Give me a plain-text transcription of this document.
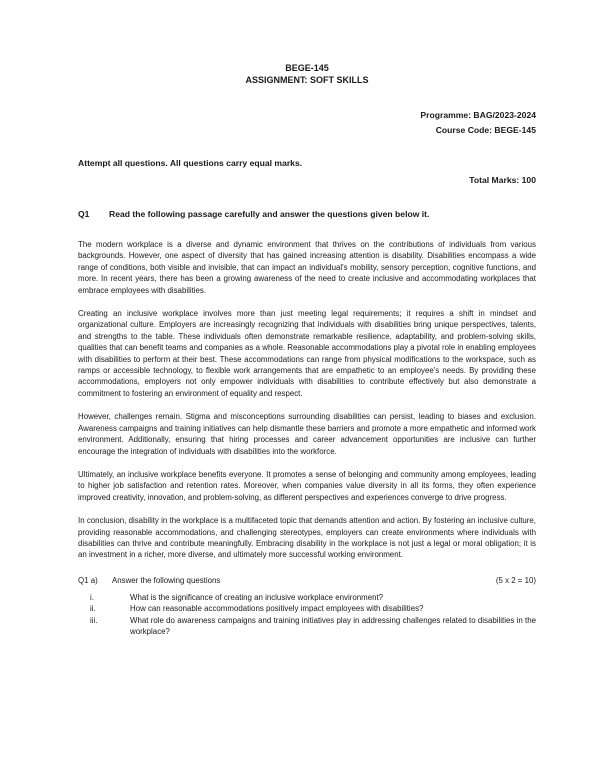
BEGE-145
ASSIGNMENT: SOFT SKILLS
Programme: BAG/2023-2024
Course Code: BEGE-145
Attempt all questions. All questions carry equal marks.
Total Marks: 100
Q1	Read the following passage carefully and answer the questions given below it.

The modern workplace is a diverse and dynamic environment that thrives on the contributions of individuals from various backgrounds. However, one aspect of diversity that has gained increasing attention is disability. Disabilities encompass a wide range of conditions, both visible and invisible, that can impact an individual's mobility, sensory perception, cognitive functions, and more. In recent years, there has been a growing awareness of the need to create inclusive and accommodating workplaces that embrace employees with disabilities.

Creating an inclusive workplace involves more than just meeting legal requirements; it requires a shift in mindset and organizational culture. Employers are increasingly recognizing that individuals with disabilities bring unique perspectives, talents, and strengths to the table. These individuals often demonstrate remarkable resilience, adaptability, and problem-solving skills, qualities that can benefit teams and companies as a whole. Reasonable accommodations play a pivotal role in enabling employees with disabilities to perform at their best. These accommodations can range from physical modifications to the workspace, such as ramps or accessible technology, to flexible work arrangements that are empathetic to an employee's needs. By providing these accommodations, employers not only empower individuals with disabilities to contribute effectively but also demonstrate a commitment to fostering an environment of equality and respect.

However, challenges remain. Stigma and misconceptions surrounding disabilities can persist, leading to biases and exclusion. Awareness campaigns and training initiatives can help dismantle these barriers and promote a more empathetic and informed work environment. Additionally, ensuring that hiring processes and career advancement opportunities are inclusive can further encourage the integration of individuals with disabilities into the workforce.

Ultimately, an inclusive workplace benefits everyone. It promotes a sense of belonging and community among employees, leading to higher job satisfaction and retention rates. Moreover, when companies value diversity in all its forms, they often experience improved creativity, innovation, and problem-solving, as different perspectives and experiences converge to drive progress.

In conclusion, disability in the workplace is a multifaceted topic that demands attention and action. By fostering an inclusive culture, providing reasonable accommodations, and challenging stereotypes, employers can create environments where individuals with disabilities can thrive and contribute meaningfully. Embracing disability in the workplace is not just a legal or moral obligation; it is an investment in a richer, more diverse, and ultimately more successful working environment.

Q1 a)	Answer the following questions	(5 x 2 = 10)
i.	What is the significance of creating an inclusive workplace environment?
ii.	How can reasonable accommodations positively impact employees with disabilities?
iii.	What role do awareness campaigns and training initiatives play in addressing challenges related to disabilities in the workplace?
